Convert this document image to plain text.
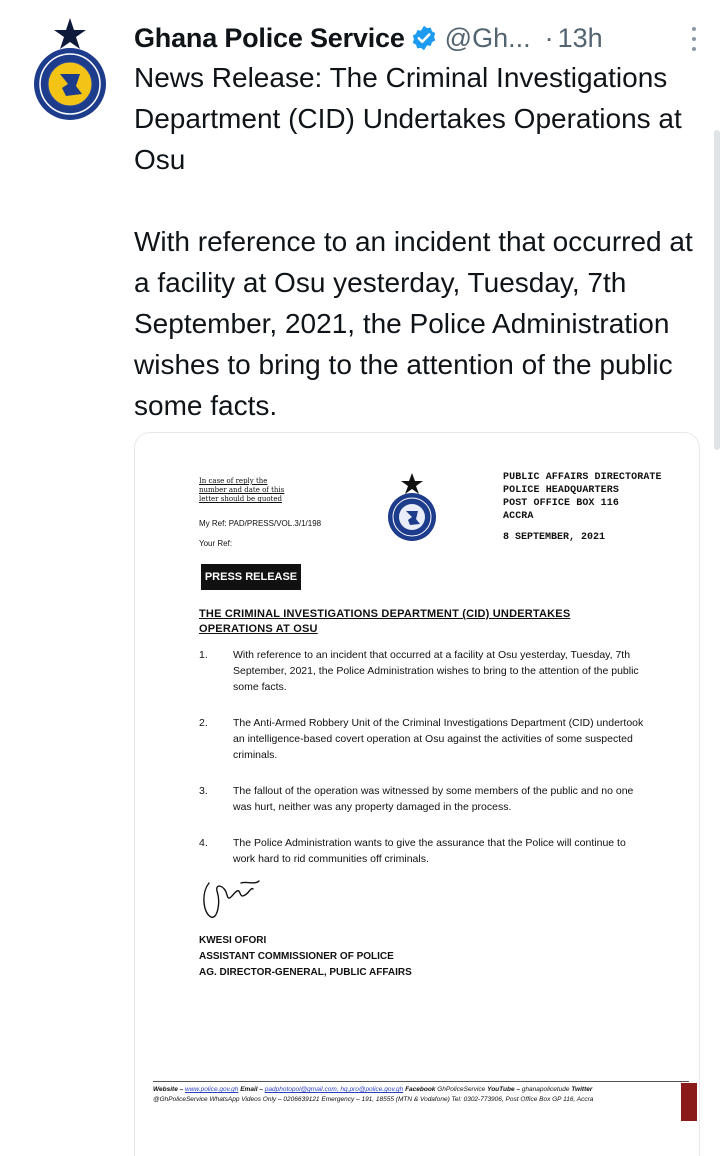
Ghana Police Service @Gh... · 13h

News Release: The Criminal Investigations Department (CID) Undertakes Operations at Osu

With reference to an incident that occurred at a facility at Osu yesterday, Tuesday, 7th September, 2021, the Police Administration wishes to bring to the attention of the public some facts.

In case of reply the number and date of this letter should be quoted
My Ref: PAD/PRESS/VOL.3/1/198
Your Ref:
PUBLIC AFFAIRS DIRECTORATE
POLICE HEADQUARTERS
POST OFFICE BOX 116
ACCRA
8 SEPTEMBER, 2021
PRESS RELEASE
THE CRIMINAL INVESTIGATIONS DEPARTMENT (CID) UNDERTAKES OPERATIONS AT OSU
1. With reference to an incident that occurred at a facility at Osu yesterday, Tuesday, 7th September, 2021, the Police Administration wishes to bring to the attention of the public some facts.
2. The Anti-Armed Robbery Unit of the Criminal Investigations Department (CID) undertook an intelligence-based covert operation at Osu against the activities of some suspected criminals.
3. The fallout of the operation was witnessed by some members of the public and no one was hurt, neither was any property damaged in the process.
4. The Police Administration wants to give the assurance that the Police will continue to work hard to rid communities off criminals.
KWESI OFORI
ASSISTANT COMMISSIONER OF POLICE
AG. DIRECTOR-GENERAL, PUBLIC AFFAIRS
Website – www.police.gov.gh Email – padphotopol@gmail.com, hq.pro@police.gov.gh Facebook GhPoliceService YouTube – ghanapolicetude Twitter
@GhPoliceService WhatsApp Videos Only – 0206639121 Emergency – 191, 18555 (MTN & Vodafone) Tel: 0302-773906, Post Office Box GP 116, Accra
